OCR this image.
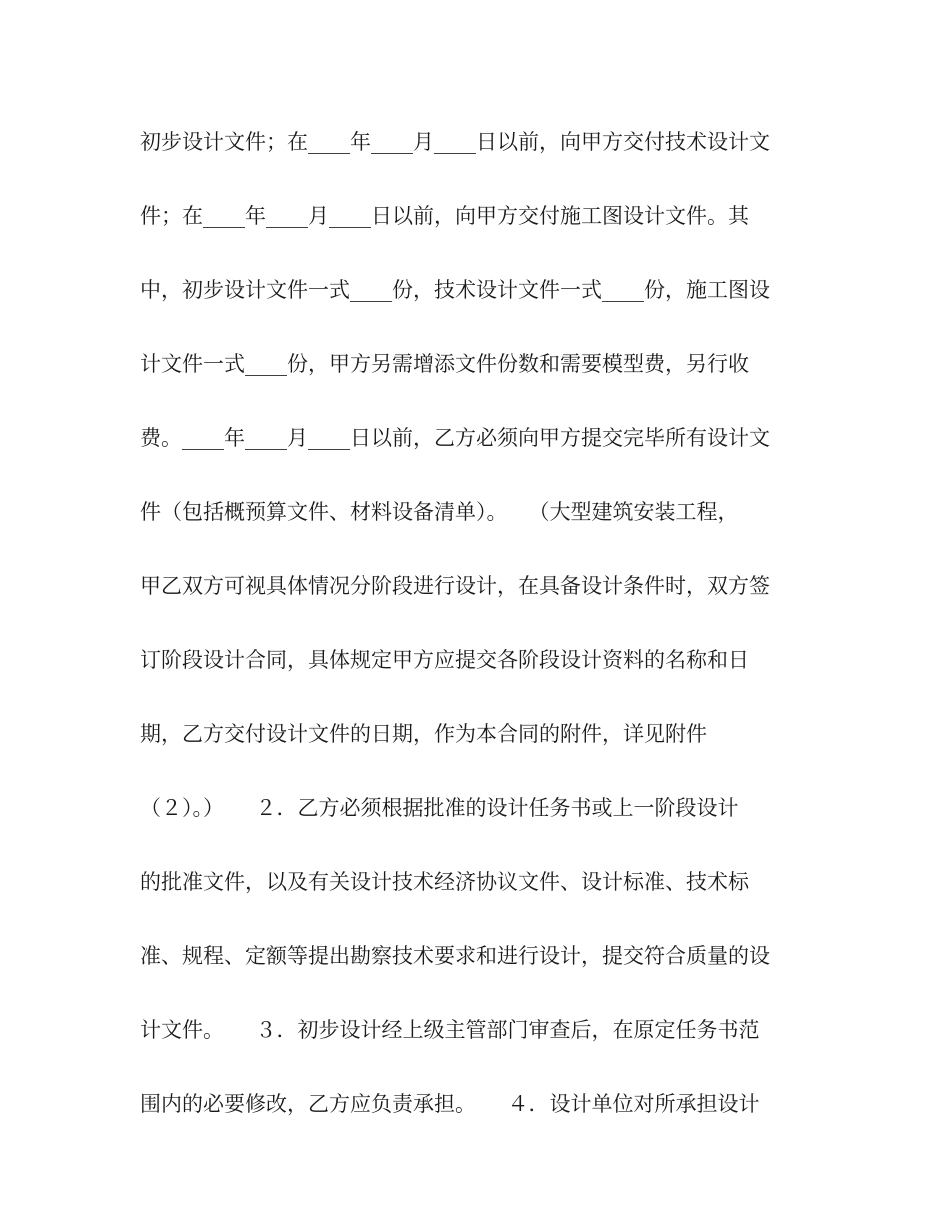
初步设计文件；在____年____月____日以前，向甲方交付技术设计文
件；在____年____月____日以前，向甲方交付施工图设计文件。其
中，初步设计文件一式____份，技术设计文件一式____份，施工图设
计文件一式____份，甲方另需增添文件份数和需要模型费，另行收
费。____年____月____日以前，乙方必须向甲方提交完毕所有设计文
件（包括概预算文件、材料设备清单）。　　（大型建筑安装工程，
甲乙双方可视具体情况分阶段进行设计，在具备设计条件时，双方签
订阶段设计合同，具体规定甲方应提交各阶段设计资料的名称和日
期，乙方交付设计文件的日期，作为本合同的附件，详见附件
（２）。）　　２．乙方必须根据批准的设计任务书或上一阶段设计
的批准文件，以及有关设计技术经济协议文件、设计标准、技术标
准、规程、定额等提出勘察技术要求和进行设计，提交符合质量的设
计文件。　　３．初步设计经上级主管部门审查后，在原定任务书范
围内的必要修改，乙方应负责承担。　　４．设计单位对所承担设计
